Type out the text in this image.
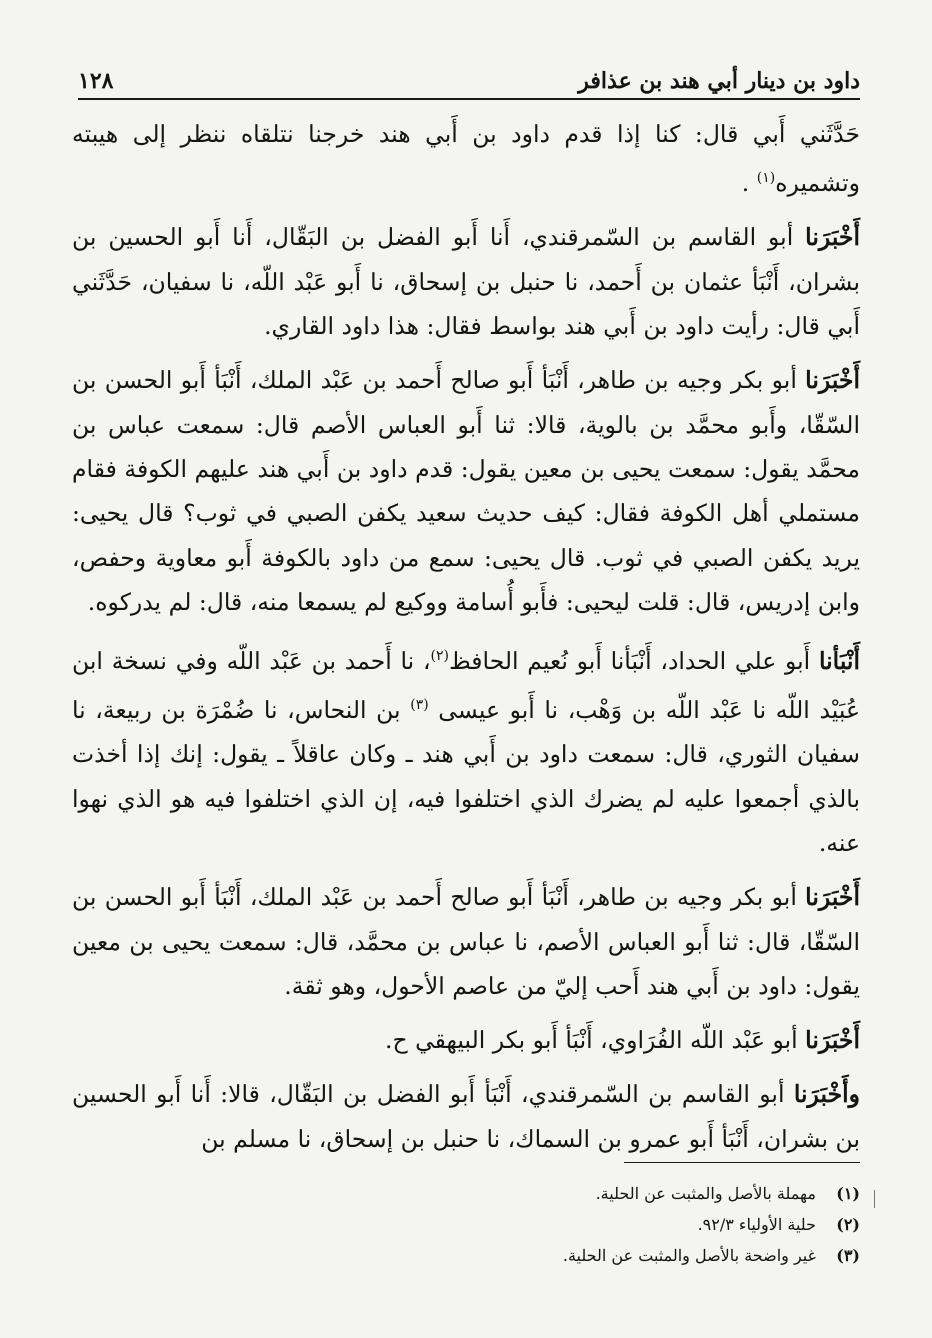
داود بن دينار أبي هند بن عذافر
١٢٨

حَدَّثَني أَبي قال: كنا إذا قدم داود بن أَبي هند خرجنا نتلقاه ننظر إلى هيبته وتشميره$^{(١)}$ .

أَخْبَرَنا أبو القاسم بن السّمرقندي، أَنا أَبو الفضل بن البَقّال، أَنا أَبو الحسين بن بشران، أَنْبَأ عثمان بن أَحمد، نا حنبل بن إسحاق، نا أَبو عَبْد اللّه، نا سفيان، حَدَّثَني أَبي قال: رأيت داود بن أَبي هند بواسط فقال: هذا داود القاري.

أَخْبَرَنا أبو بكر وجيه بن طاهر، أَنْبَأ أَبو صالح أَحمد بن عَبْد الملك، أَنْبَأ أَبو الحسن بن السّقّا، وأَبو محمَّد بن بالوية، قالا: ثنا أَبو العباس الأصم قال: سمعت عباس بن محمَّد يقول: سمعت يحيى بن معين يقول: قدم داود بن أَبي هند عليهم الكوفة فقام مستملي أهل الكوفة فقال: كيف حديث سعيد يكفن الصبي في ثوب؟ قال يحيى: يريد يكفن الصبي في ثوب. قال يحيى: سمع من داود بالكوفة أَبو معاوية وحفص، وابن إدريس، قال: قلت ليحيى: فأَبو أُسامة ووكيع لم يسمعا منه، قال: لم يدركوه.

أَنْبَأنا أَبو علي الحداد، أَنْبَأنا أَبو نُعيم الحافظ$^{(٢)}$، نا أَحمد بن عَبْد اللّه وفي نسخة ابن عُبَيْد اللّه نا عَبْد اللّه بن وَهْب، نا أَبو عيسى $^{(٣)}$ بن النحاس، نا ضُمْرَة بن ربيعة، نا سفيان الثوري، قال: سمعت داود بن أَبي هند ـ وكان عاقلاً ـ يقول: إنك إذا أخذت بالذي أجمعوا عليه لم يضرك الذي اختلفوا فيه، إن الذي اختلفوا فيه هو الذي نهوا عنه.

أَخْبَرَنا أبو بكر وجيه بن طاهر، أَنْبَأ أَبو صالح أَحمد بن عَبْد الملك، أَنْبَأ أَبو الحسن بن السّقّا، قال: ثنا أَبو العباس الأصم، نا عباس بن محمَّد، قال: سمعت يحيى بن معين يقول: داود بن أَبي هند أَحب إليّ من عاصم الأحول، وهو ثقة.

أَخْبَرَنا أبو عَبْد اللّه الفُرَاوي، أَنْبَأ أَبو بكر البيهقي ح.

وأَخْبَرَنا أبو القاسم بن السّمرقندي، أَنْبَأ أَبو الفضل بن البَقّال، قالا: أَنا أَبو الحسين بن بشران، أَنْبَأ أَبو عمرو بن السماك، نا حنبل بن إسحاق، نا مسلم بن

(١)
مهملة بالأصل والمثبت عن الحلية.
(٢)
حلية الأولياء ٩٢/٣.
(٣)
غير واضحة بالأصل والمثبت عن الحلية.
